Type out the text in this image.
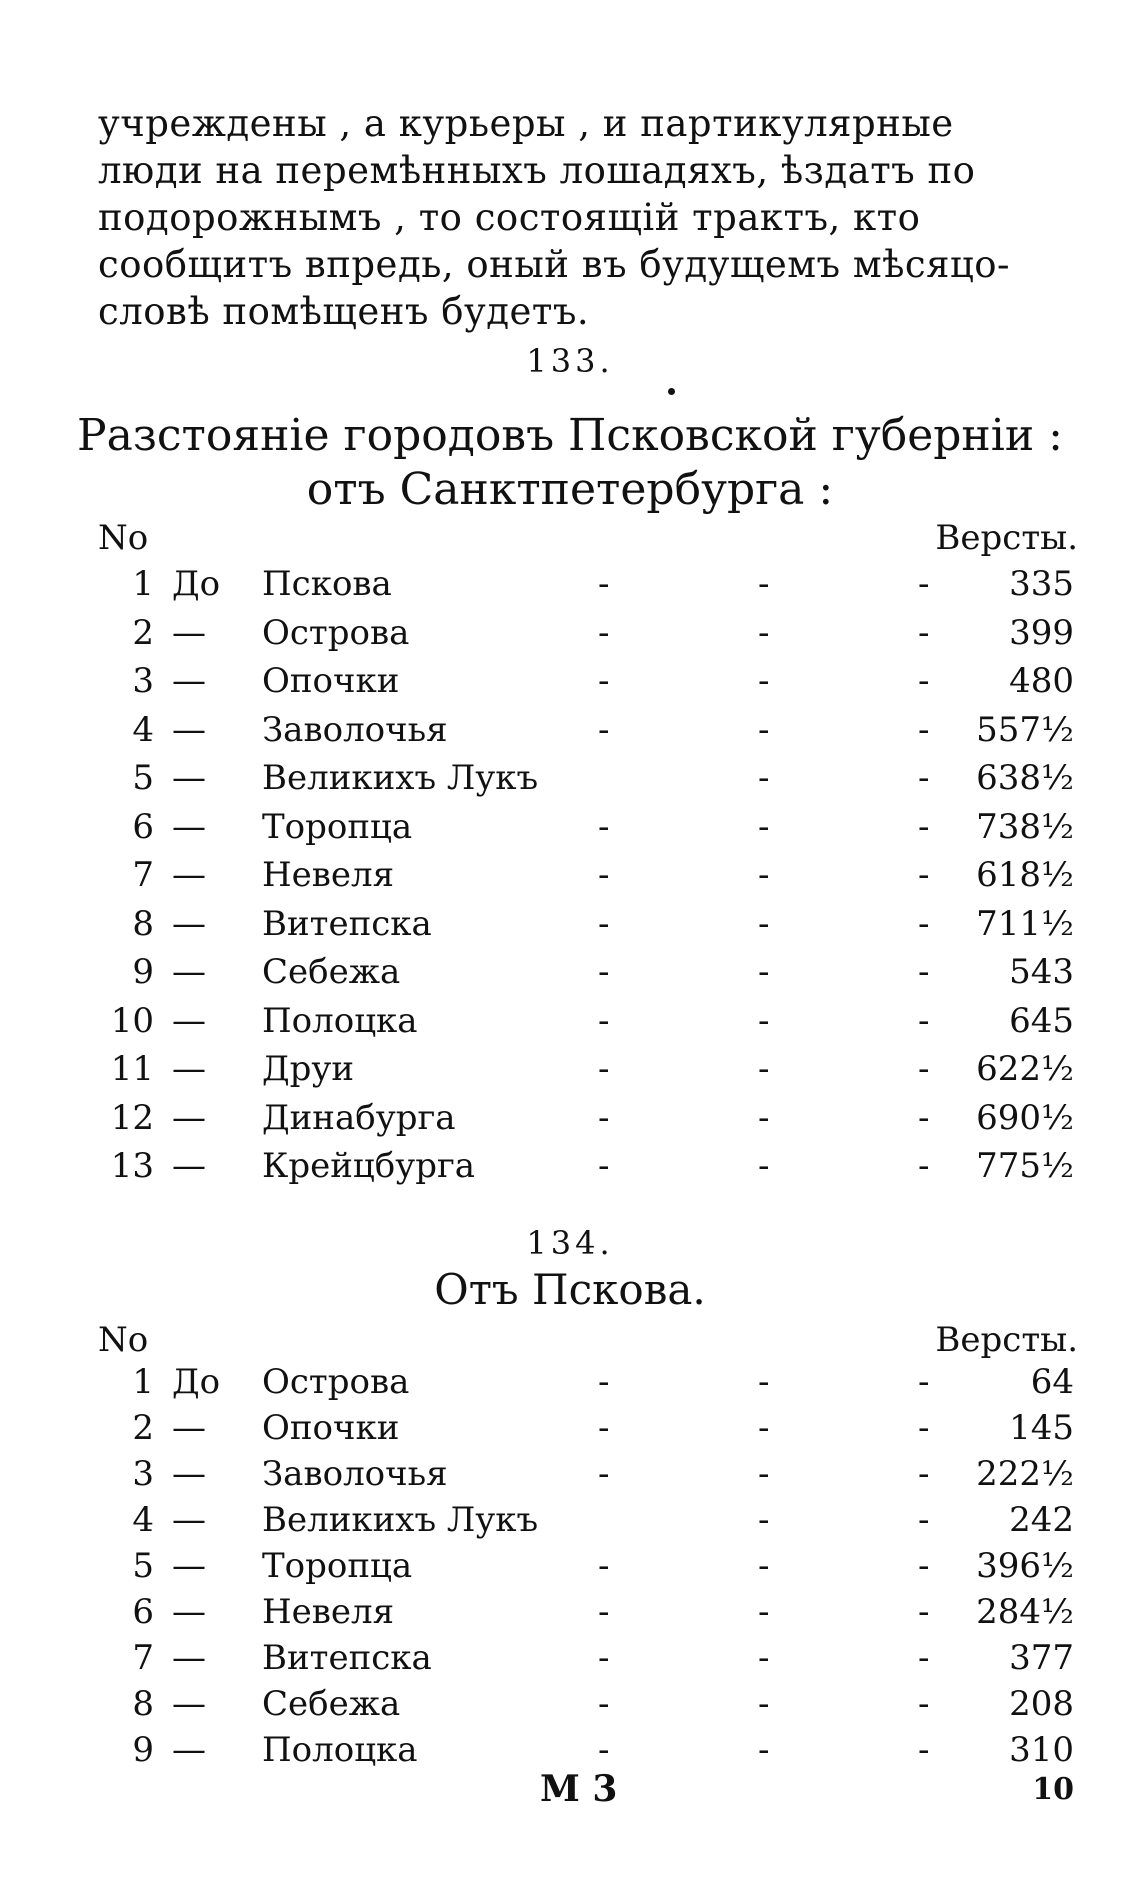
учреждены , а курьеры , и партикулярные
люди на перемѣнныхъ лошадяхъ, ѣздатъ по
подорожнымъ , то состоящій трактъ, кто
сообщитъ впредь, оный въ будущемъ мѣсяцо-
словѣ помѣщенъ будетъ.
133.
Разстояніе городовъ Псковской губерніи :
отъ Санктпетербурга :
No	Версты.
1 До Пскова	-	-	- 335
2 — Острова	-	-	- 399
3 — Опочки	-	-	- 480
4 — Заволочья	-	-	- 557½
5 — Великихъ Лукъ	-	- 638½
6 — Торопца	-	-	- 738½
7 — Невеля	-	-	- 618½
8 — Витепска	-	-	- 711½
9 — Себежа	-	-	- 543
10 — Полоцка	-	-	- 645
11 — Друи	-	-	- 622½
12 — Динабурга	-	-	- 690½
13 — Крейцбурга	-	-	- 775½
134.
Отъ Пскова.
No	Версты.
1 До Острова	-	-	-	64
2 — Опочки	-	-	- 145
3 — Заволочья	-	-	- 222½
4 — Великихъ Лукъ	-	- 242
5 — Торопца	-	-	- 396½
6 — Невеля	-	-	- 284½
7 — Витепска	-	-	- 377
8 — Себежа	-	-	- 208
9 — Полоцка	-	-	- 310
M 3	10
